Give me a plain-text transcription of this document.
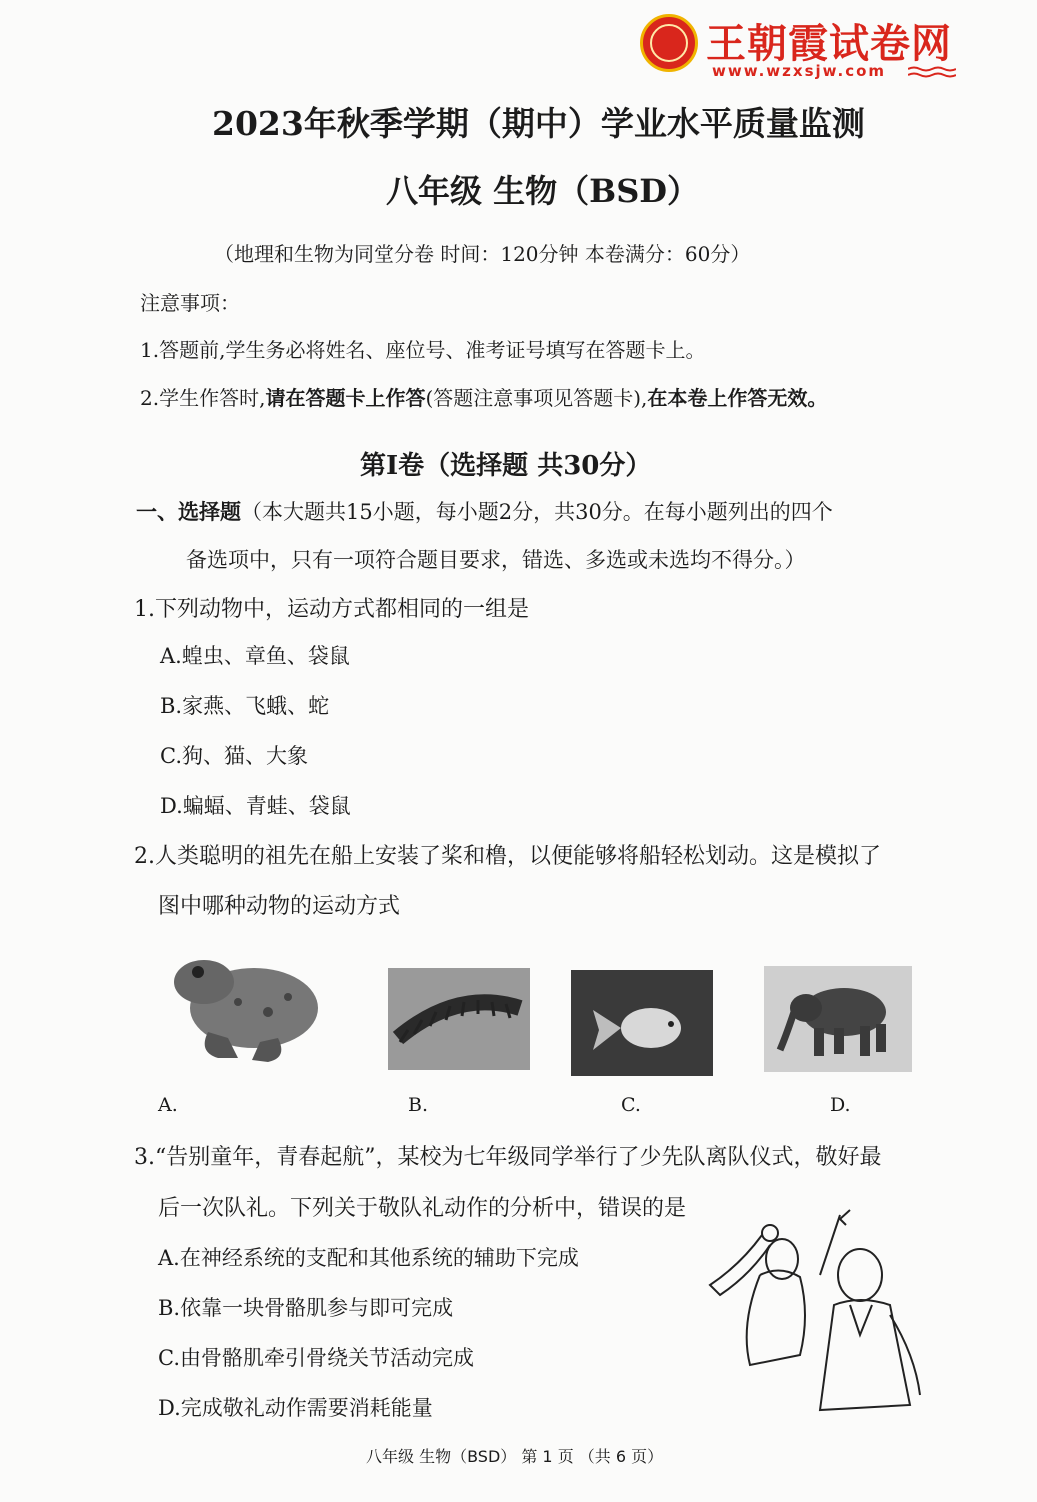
王朝霞试卷网
www.wzxsjw.com
2023年秋季学期（期中）学业水平质量监测
八年级 生物（BSD）
（地理和生物为同堂分卷 时间：120分钟 本卷满分：60分）
注意事项：
1.答题前,学生务必将姓名、座位号、准考证号填写在答题卡上。
2.学生作答时,请在答题卡上作答(答题注意事项见答题卡),在本卷上作答无效。
第Ⅰ卷（选择题 共30分）
一、选择题（本大题共15小题，每小题2分，共30分。在每小题列出的四个
备选项中，只有一项符合题目要求，错选、多选或未选均不得分。）
1.下列动物中，运动方式都相同的一组是
A.蝗虫、章鱼、袋鼠
B.家燕、飞蛾、蛇
C.狗、猫、大象
D.蝙蝠、青蛙、袋鼠
2.人类聪明的祖先在船上安装了桨和橹，以便能够将船轻松划动。这是模拟了
图中哪种动物的运动方式
A.	B.	C.	D.
3.“告别童年，青春起航”，某校为七年级同学举行了少先队离队仪式，敬好最
后一次队礼。下列关于敬队礼动作的分析中，错误的是
A.在神经系统的支配和其他系统的辅助下完成
B.依靠一块骨骼肌参与即可完成
C.由骨骼肌牵引骨绕关节活动完成
D.完成敬礼动作需要消耗能量
八年级 生物（BSD） 第 1 页 （共 6 页）
